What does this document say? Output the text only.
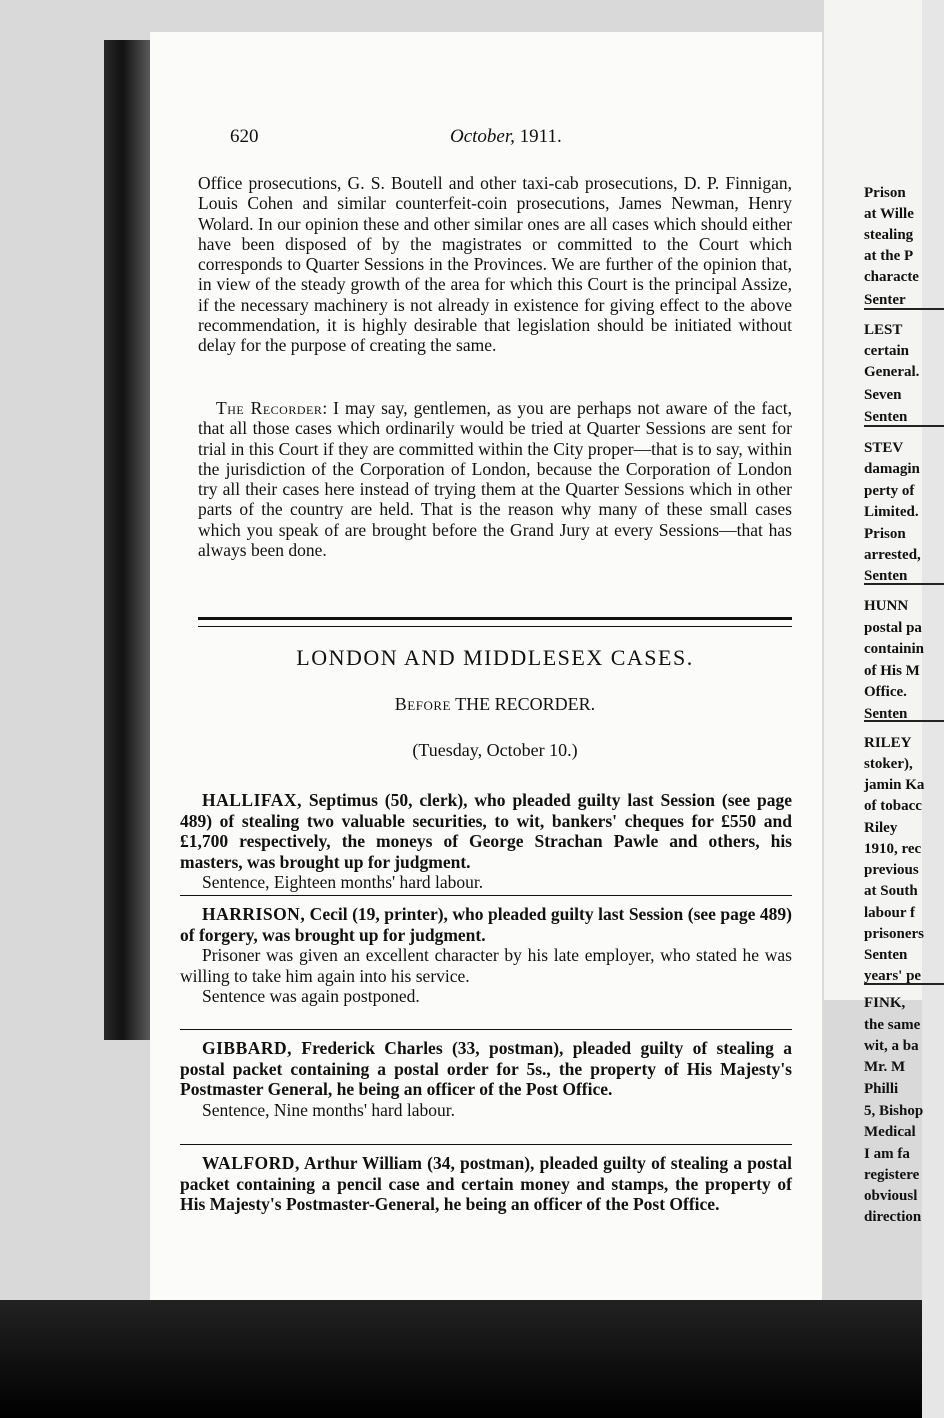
Prison
at Wille
stealing
at the P
characte
Senter
LEST
certain
General.
Seven
Senten
STEV
damagin
perty of
Limited.
Prison
arrested,
Senten
HUNN
postal pa
containin
of His M
Office.
Senten
RILEY
stoker),
jamin Ka
of tobacc
Riley
1910, rec
previous
at South
labour f
prisoners
Senten
years' pe
FINK,
the same
wit, a ba
Mr. M
Philli
5, Bishop
Medical
I am fa
registere
obviousl
direction
620	October, 1911.
Office prosecutions, G. S. Boutell and other taxi-cab prosecutions, D. P. Finnigan, Louis Cohen and similar counterfeit-coin prosecutions, James Newman, Henry Wolard. In our opinion these and other similar ones are all cases which should either have been disposed of by the magistrates or committed to the Court which corresponds to Quarter Sessions in the Provinces. We are further of the opinion that, in view of the steady growth of the area for which this Court is the principal Assize, if the necessary machinery is not already in existence for giving effect to the above recommendation, it is highly desirable that legislation should be initiated without delay for the purpose of creating the same.
The Recorder: I may say, gentlemen, as you are perhaps not aware of the fact, that all those cases which ordinarily would be tried at Quarter Sessions are sent for trial in this Court if they are committed within the City proper—that is to say, within the jurisdiction of the Corporation of London, because the Corporation of London try all their cases here instead of trying them at the Quarter Sessions which in other parts of the country are held. That is the reason why many of these small cases which you speak of are brought before the Grand Jury at every Sessions—that has always been done.
LONDON AND MIDDLESEX CASES.
Before THE RECORDER.
(Tuesday, October 10.)

HALLIFAX, Septimus (50, clerk), who pleaded guilty last Session (see page 489) of stealing two valuable securities, to wit, bankers' cheques for £550 and £1,700 respectively, the moneys of George Strachan Pawle and others, his masters, was brought up for judgment.

Sentence, Eighteen months' hard labour.

HARRISON, Cecil (19, printer), who pleaded guilty last Session (see page 489) of forgery, was brought up for judgment.

Prisoner was given an excellent character by his late employer, who stated he was willing to take him again into his service.

Sentence was again postponed.

GIBBARD, Frederick Charles (33, postman), pleaded guilty of stealing a postal packet containing a postal order for 5s., the property of His Majesty's Postmaster General, he being an officer of the Post Office.

Sentence, Nine months' hard labour.

WALFORD, Arthur William (34, postman), pleaded guilty of stealing a postal packet containing a pencil case and certain money and stamps, the property of His Majesty's Postmaster-General, he being an officer of the Post Office.
